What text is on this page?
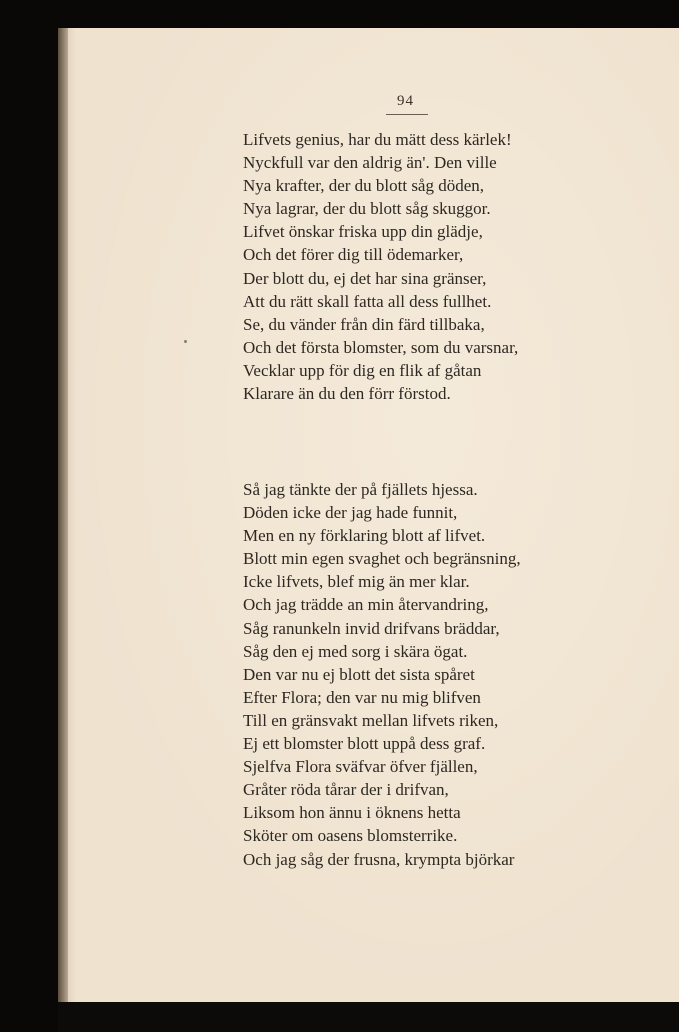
94
Lifvets genius, har du mätt dess kärlek!
Nyckfull var den aldrig än'. Den ville
Nya krafter, der du blott såg döden,
Nya lagrar, der du blott såg skuggor.
Lifvet önskar friska upp din glädje,
Och det förer dig till ödemarker,
Der blott du, ej det har sina gränser,
Att du rätt skall fatta all dess fullhet.
Se, du vänder från din färd tillbaka,
Och det första blomster, som du varsnar,
Vecklar upp för dig en flik af gåtan
Klarare än du den förr förstod.
Så jag tänkte der på fjällets hjessa.
Döden icke der jag hade funnit,
Men en ny förklaring blott af lifvet.
Blott min egen svaghet och begränsning,
Icke lifvets, blef mig än mer klar.
Och jag trädde an min återvandring,
Såg ranunkeln invid drifvans bräddar,
Såg den ej med sorg i skära ögat.
Den var nu ej blott det sista spåret
Efter Flora; den var nu mig blifven
Till en gränsvakt mellan lifvets riken,
Ej ett blomster blott uppå dess graf.
Sjelfva Flora sväfvar öfver fjällen,
Gråter röda tårar der i drifvan,
Liksom hon ännu i öknens hetta
Sköter om oasens blomsterrike.
Och jag såg der frusna, krympta björkar
